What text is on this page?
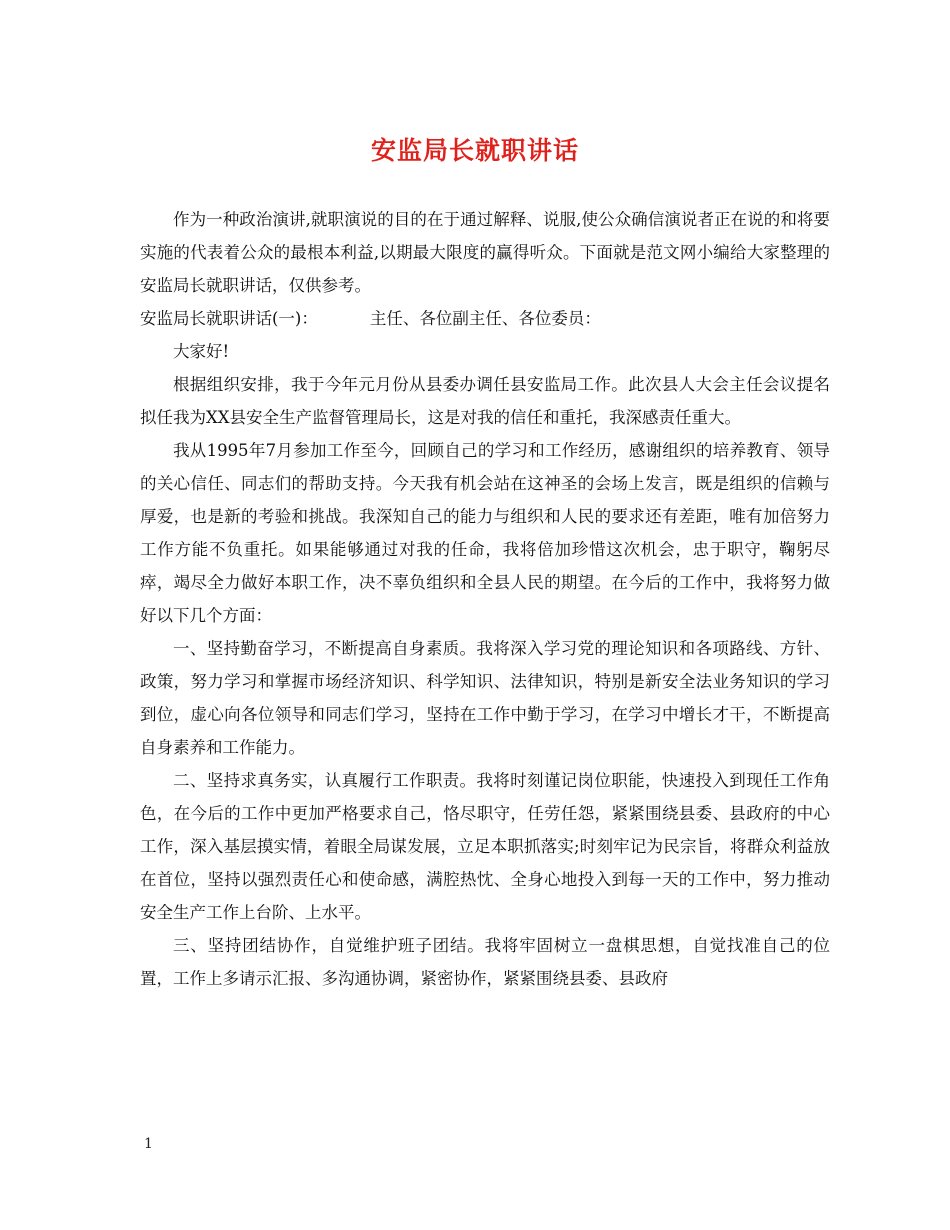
安监局长就职讲话

作为一种政治演讲,就职演说的目的在于通过解释、说服,使公众确信演说者正在说的和将要实施的代表着公众的最根本利益,以期最大限度的赢得听众。下面就是范文网小编给大家整理的安监局长就职讲话，仅供参考。

安监局长就职讲话(一)：	主任、各位副主任、各位委员：

大家好!

根据组织安排，我于今年元月份从县委办调任县安监局工作。此次县人大会主任会议提名拟任我为XX县安全生产监督管理局长，这是对我的信任和重托，我深感责任重大。

我从1995年7月参加工作至今，回顾自己的学习和工作经历，感谢组织的培养教育、领导的关心信任、同志们的帮助支持。今天我有机会站在这神圣的会场上发言，既是组织的信赖与厚爱，也是新的考验和挑战。我深知自己的能力与组织和人民的要求还有差距，唯有加倍努力工作方能不负重托。如果能够通过对我的任命，我将倍加珍惜这次机会，忠于职守，鞠躬尽瘁，竭尽全力做好本职工作，决不辜负组织和全县人民的期望。在今后的工作中，我将努力做好以下几个方面：

一、坚持勤奋学习，不断提高自身素质。我将深入学习党的理论知识和各项路线、方针、政策，努力学习和掌握市场经济知识、科学知识、法律知识，特别是新安全法业务知识的学习到位，虚心向各位领导和同志们学习，坚持在工作中勤于学习，在学习中增长才干，不断提高自身素养和工作能力。

二、坚持求真务实，认真履行工作职责。我将时刻谨记岗位职能，快速投入到现任工作角色，在今后的工作中更加严格要求自己，恪尽职守，任劳任怨，紧紧围绕县委、县政府的中心工作，深入基层摸实情，着眼全局谋发展，立足本职抓落实;时刻牢记为民宗旨，将群众利益放在首位，坚持以强烈责任心和使命感，满腔热忱、全身心地投入到每一天的工作中，努力推动安全生产工作上台阶、上水平。

三、坚持团结协作，自觉维护班子团结。我将牢固树立一盘棋思想，自觉找准自己的位置，工作上多请示汇报、多沟通协调，紧密协作，紧紧围绕县委、县政府

1
